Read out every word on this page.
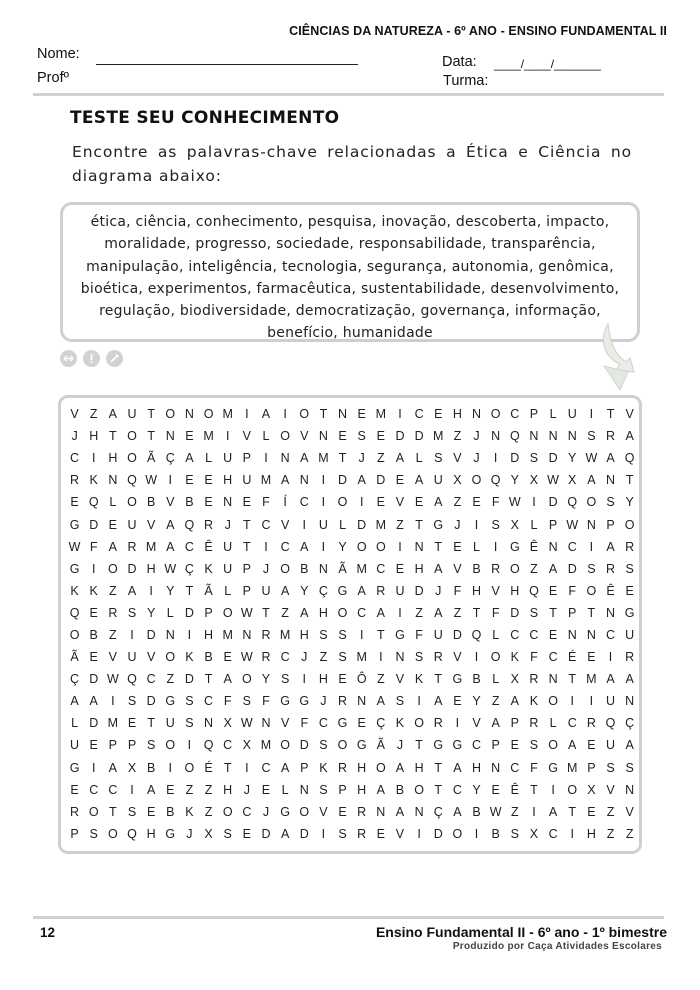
CIÊNCIAS DA NATUREZA - 6º ANO - ENSINO FUNDAMENTAL II
Nome:
Profº
Data: ____/____/_______
Turma:
TESTE SEU CONHECIMENTO
Encontre as palavras-chave relacionadas a Ética e Ciência no diagrama abaixo:
ética, ciência, conhecimento, pesquisa, inovação, descoberta, impacto, moralidade, progresso, sociedade, responsabilidade, transparência, manipulação, inteligência, tecnologia, segurança, autonomia, genômica, bioética, experimentos, farmacêutica, sustentabilidade, desenvolvimento, regulação, biodiversidade, democratização, governança, informação, benefício, humanidade
V Z A U T O N O M I	A	I	O T N E M I	C E H N O C P L U	I	T V
J H T O T N E M I	V L O V N E S E D D M Z J N Q N N N S R A
C	I	H O Ã Ç A L U P	I	N A M T J Z A L S V J	I	D S D Y W A Q
R K N Q W I	E E H U M A N	I	D A D E A U X O Q Y X W X A N T
E Q L O B V B E N E F	Í	C	I	O	I	E V E A Z E F W I	D Q O S Y
G D E U V A Q R J T C V	I	U L D M Z T G J	I	S X L P W N P O
W F A R M A C Ê U T	I	C A	I	Y O O	I	N T E L	I	G Ê N C	I	A R
G	I	O D H W Ç K U P J O B N Ã M C E H A V B R O Z A D S R S
K K Z A	I	Y T Ã L P U A Y Ç G A R U D J F H V H Q E F O Ê E
Q E R S Y L D P O W T Z A H O C A	I	Z A Z T F D S T P T N G
O B Z	I	D N	I	H M N R M H S S	I	T G F U D Q L C C E N N C U
Ã E V U V O K B E W R C J Z S M I	N S R V	I	O K F C É E	I	R
Ç D W Q C Z D T A O Y S	I	H E Ô Z V K T G B L X R N T M A A
A A	I	S D G S C F S F G G J R N A S	I	A E Y Z A K O	I	I	U N
L D M E T U S N X W N V F C G E Ç K O R	I	V A P R L C R Q Ç
U E P P S O	I	Q C X M O D S O G Ã J T G G C P E S O A E U A
G	I	A X B	I	O É T	I	C A P K R H O A H T A H N C F G M P S S
E C C	I	A E Z Z H J E L N S P H A B O T C Y E Ê T	I	O X V N
R O T S E B K Z O C J G O V E R N A N Ç A B W Z	I	A T E Z V
P S O Q H G J X S E D A D	I	S R E V	I	D O	I	B S X C	I	H Z Z
12	Ensino Fundamental II - 6º ano - 1º bimestre
Produzido por Caça Atividades Escolares
